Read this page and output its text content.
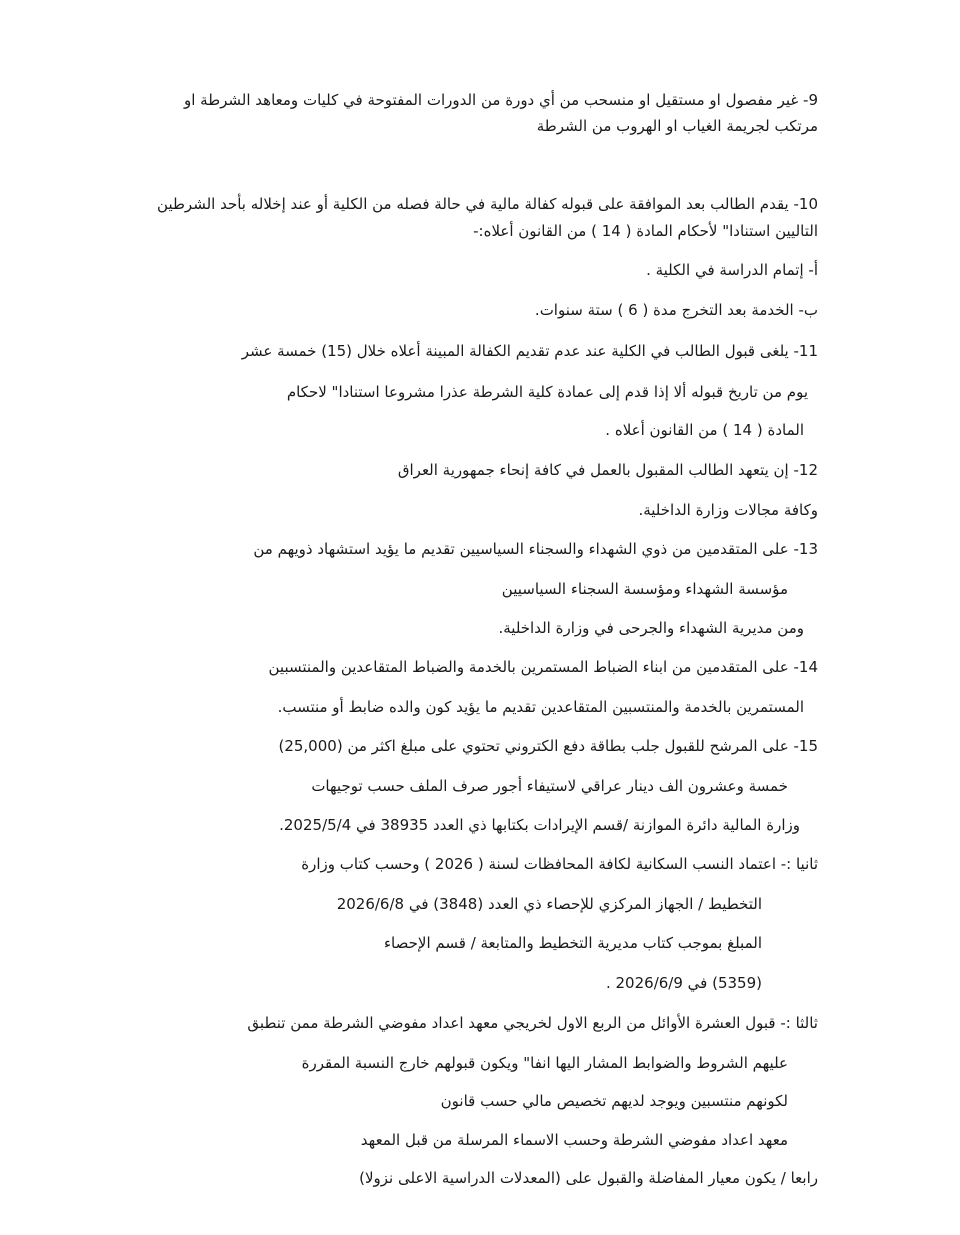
9- غير مفصول او مستقيل او منسحب من أي دورة من الدورات المفتوحة في كليات ومعاهد الشرطة او
مرتكب لجريمة الغياب او الهروب من الشرطة
10- يقدم الطالب بعد الموافقة على قبوله كفالة مالية في حالة فصله من الكلية أو عند إخلاله بأحد الشرطين
التاليين استنادا" لأحكام المادة ( 14 ) من القانون أعلاه:-
أ- إتمام الدراسة في الكلية .
ب- الخدمة بعد التخرج مدة ( 6 ) ستة سنوات.
11- يلغى قبول الطالب في الكلية عند عدم تقديم الكفالة المبينة أعلاه خلال (15) خمسة عشر
يوم من تاريخ قبوله ألا إذا قدم إلى عمادة كلية الشرطة عذرا مشروعا استنادا" لاحكام
المادة ( 14 ) من القانون أعلاه .
12- إن يتعهد الطالب المقبول بالعمل في كافة إنحاء جمهورية العراق
وكافة مجالات وزارة الداخلية.
13- على المتقدمين من ذوي الشهداء والسجناء السياسيين تقديم ما يؤيد استشهاد ذويهم من
مؤسسة الشهداء ومؤسسة السجناء السياسيين
ومن مديرية الشهداء والجرحى في وزارة الداخلية.
14- على المتقدمين من ابناء الضباط المستمرين بالخدمة والضباط المتقاعدين والمنتسبين
المستمرين بالخدمة والمنتسبين المتقاعدين تقديم ما يؤيد كون والده ضابط أو منتسب.
15- على المرشح للقبول جلب بطاقة دفع الكتروني تحتوي على مبلغ اكثر من (25,000)
خمسة وعشرون الف دينار عراقي لاستيفاء أجور صرف الملف حسب توجيهات
وزارة المالية دائرة الموازنة /قسم الإيرادات بكتابها ذي العدد 38935 في 2025/5/4.
ثانيا :- اعتماد النسب السكانية لكافة المحافظات لسنة ( 2026 ) وحسب كتاب وزارة
التخطيط / الجهاز المركزي للإحصاء ذي العدد (3848) في 2026/6/8
المبلغ بموجب كتاب مديرية التخطيط والمتابعة / قسم الإحصاء
(5359) في 2026/6/9 .
ثالثا :- قبول العشرة الأوائل من الربع الاول لخريجي معهد اعداد مفوضي الشرطة ممن تنطبق
عليهم الشروط والضوابط المشار اليها انفا" ويكون قبولهم خارج النسبة المقررة
لكونهم منتسبين ويوجد لديهم تخصيص مالي حسب قانون
معهد اعداد مفوضي الشرطة وحسب الاسماء المرسلة من قبل المعهد
رابعا / يكون معيار المفاضلة والقبول على (المعدلات الدراسية الاعلى نزولا)
